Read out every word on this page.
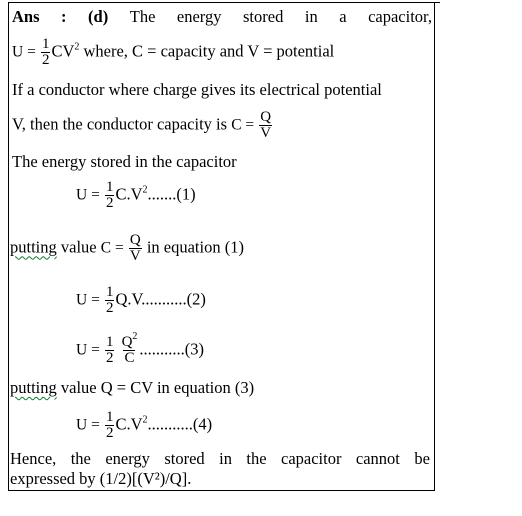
Ans : (d) The energy stored in a capacitor,
$U = \frac{1}{2} CV^2$ where, C = capacity and V = potential
If a conductor where charge gives its electrical potential
V, then the conductor capacity is $C = \frac{Q}{V}$
The energy stored in the capacitor
$U = \frac{1}{2} C.V^2.......(1)$
putting value $C = \frac{Q}{V}$ in equation (1)
$U = \frac{1}{2} Q.V...........(2)$
$U = \frac{1}{2}$
$\frac{Q^2}{C} ...........(3)$
putting value Q = CV in equation (3)
$U = \frac{1}{2} C.V^2...........(4)$
Hence, the energy stored in the capacitor cannot be
expressed by (1/2)[(V²)/Q].
